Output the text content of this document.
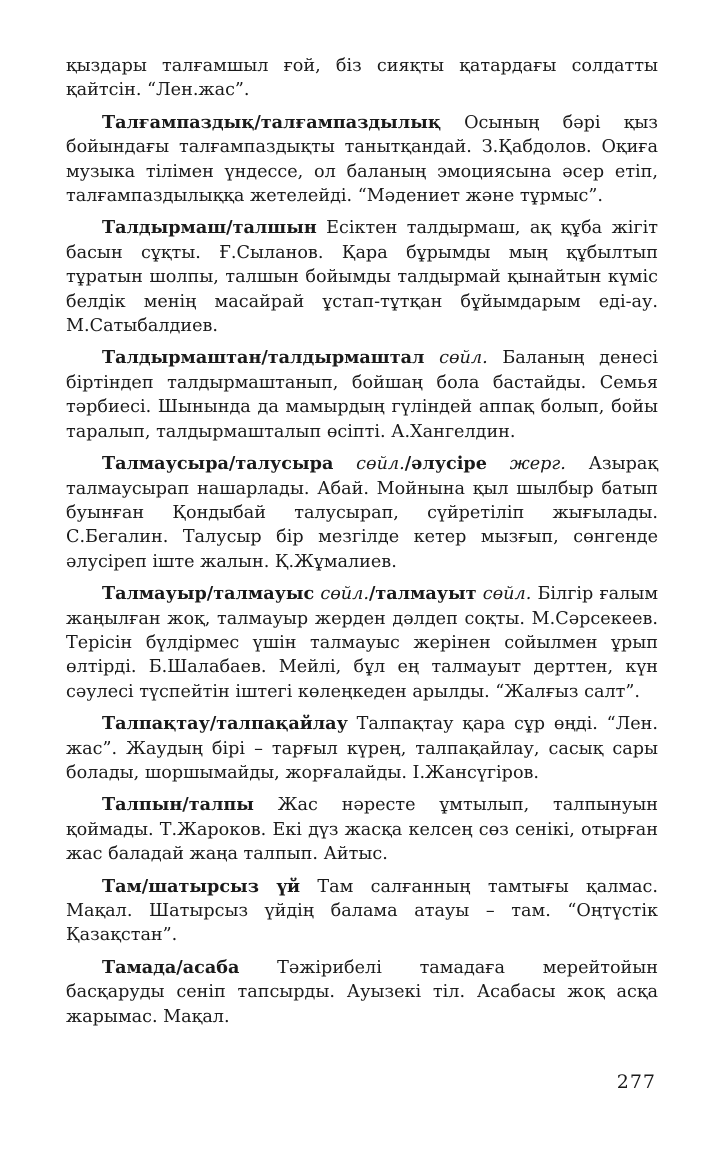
қыздары талғамшыл ғой, біз сияқты қатардағы солдатты қайтсін. “Лен.жас”.

Талғампаздық/талғампаздылық Осының бәрі қыз бойындағы талғампаздықты танытқандай. З.Қабдолов. Оқиға музыка тілімен үндессе, ол баланың эмоциясына әсер етіп, талғампаздылыққа жетелейді. “Мәдениет және тұрмыс”.

Талдырмаш/талшын Есіктен талдырмаш, ақ құба жігіт басын сұқты. Ғ.Сыланов. Қара бұрымды мың құбылтып тұратын шолпы, талшын бойымды талдырмай қынайтын күміс белдік менің масайрай ұстап-тұтқан бұйымдарым еді-ау. М.Сатыбалдиев.

Талдырмаштан/талдырмаштал сөйл. Баланың денесі біртіндеп талдырмаштанып, бойшаң бола бастайды. Семья тәрбиесі. Шынында да мамырдың гүліндей аппақ болып, бойы таралып, талдырмашталып өсіпті. А.Хангелдин.

Талмаусыра/талусыра сөйл./әлусіре жерг. Азырақ талмаусырап нашарлады. Абай. Мойнына қыл шылбыр батып буынған Қондыбай талусырап, сүйретіліп жығылады. С.Бегалин. Талусыр бір мезгілде кетер мызғып, сөнгенде әлусіреп іште жалын. Қ.Жұмалиев.

Талмауыр/талмауыс сөйл./талмауыт сөйл. Білгір ғалым жаңылған жоқ, талмауыр жерден дәлдеп соқты. М.Сәрсекеев. Терісін бүлдірмес үшін талмауыс жерінен сойылмен ұрып өлтірді. Б.Шалабаев. Мейлі, бұл ең талмауыт дерттен, күн сәулесі түспейтін іштегі көлеңкеден арылды. “Жалғыз салт”.

Талпақтау/талпақайлау Талпақтау қара сұр өңді. “Лен. жас”. Жаудың бірі – тарғыл күрең, талпақайлау, сасық сары болады, шоршымайды, жорғалайды. І.Жансүгіров.

Талпын/талпы Жас нәресте ұмтылып, талпынуын қоймады. Т.Жароков. Екі дүз жасқа келсең сөз сенікі, отырған жас баладай жаңа талпып. Айтыс.

Там/шатырсыз үй Там салғанның тамтығы қалмас. Мақал. Шатырсыз үйдің балама атауы – там. “Оңтүстік Қазақстан”.

Тамада/асаба Тәжірибелі тамадаға мерейтойын басқаруды сеніп тапсырды. Ауызекі тіл. Асабасы жоқ асқа жарымас. Мақал.

277
